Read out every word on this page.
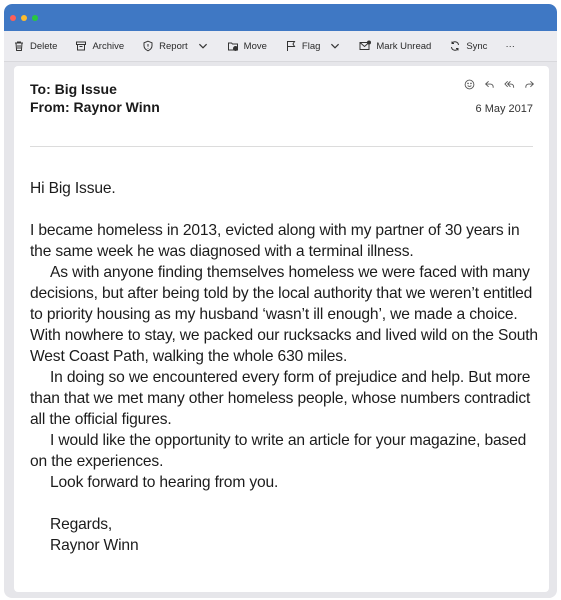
Delete	Archive	Report	Move	Flag	Mark Unread	Sync ···
To: Big Issue
From: Raynor Winn	6 May 2017

Hi Big Issue.

I became homeless in 2013, evicted along with my partner of 30 years in the same week he was diagnosed with a terminal illness.

As with anyone finding themselves homeless we were faced with many decisions, but after being told by the local authority that we weren’t entitled to priority housing as my husband ‘wasn’t ill enough’, we made a choice. With nowhere to stay, we packed our rucksacks and lived wild on the South West Coast Path, walking the whole 630 miles.

In doing so we encountered every form of prejudice and help. But more than that we met many other homeless people, whose numbers contradict all the official figures.

I would like the opportunity to write an article for your magazine, based on the experiences.

Look forward to hearing from you.

Regards,

Raynor Winn
